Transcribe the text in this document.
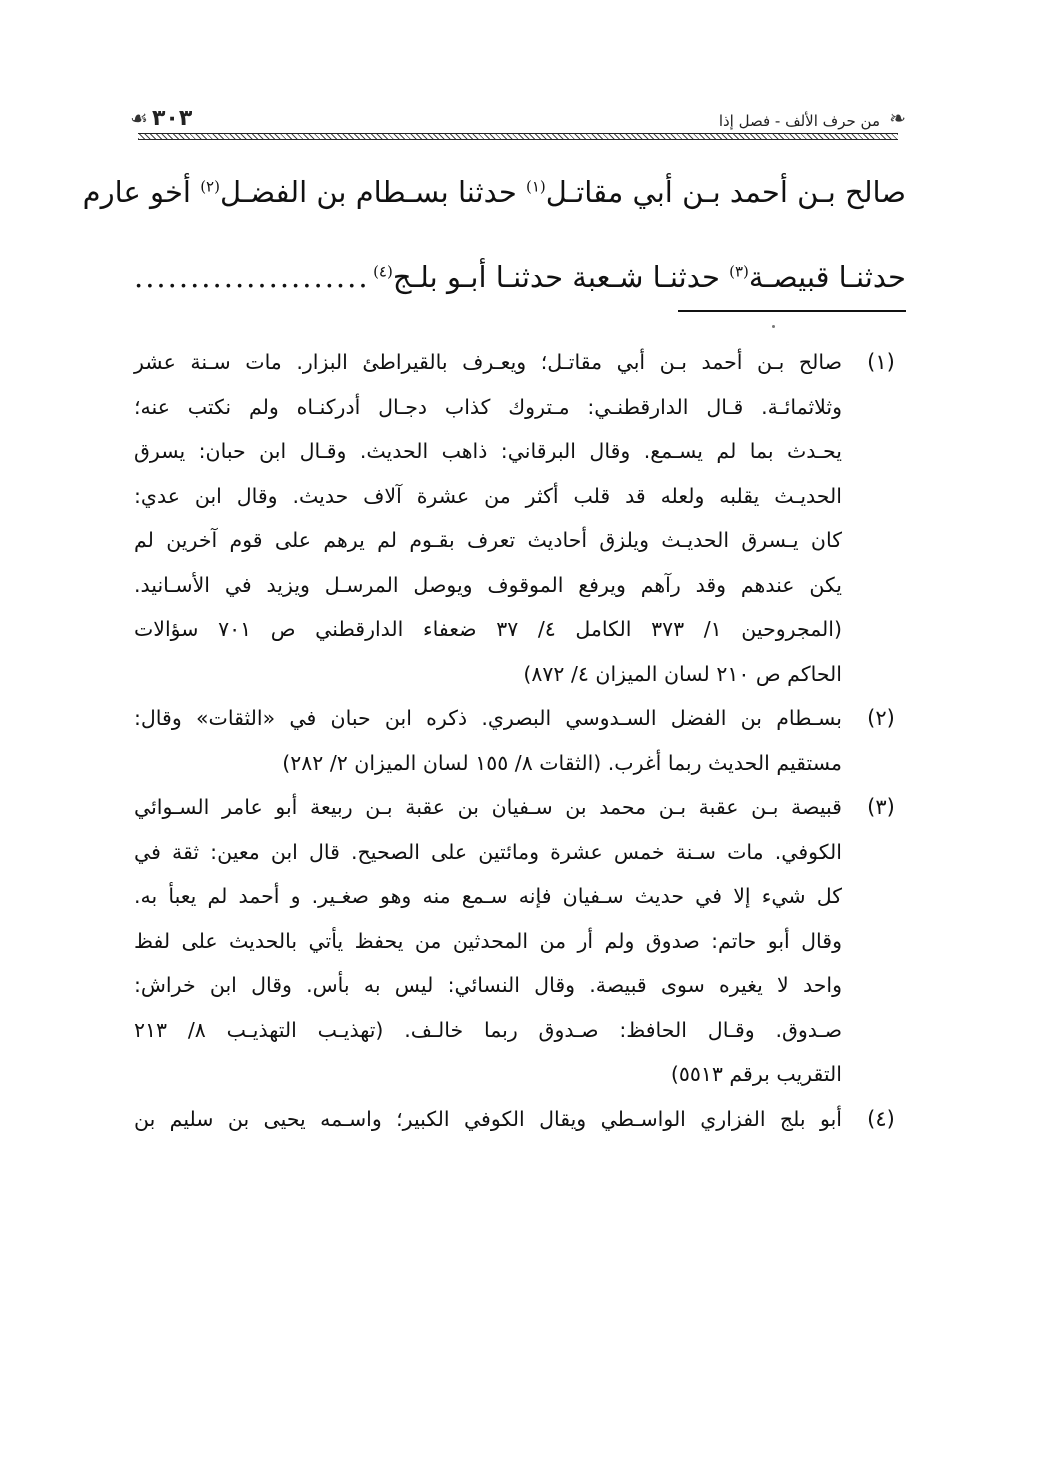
❧
من حرف الألف - فصل إذا
٣٠٣
☙
صالح بـن أحمد بـن أبي مقاتـل$^{(١)}$ حدثنا بسـطام بن الفضـل$^{(٢)}$ أخو عارم
حدثنـا قبيصـة$^{(٣)}$ حدثنـا شـعبة حدثنـا أبـو بلـج$^{(٤)}$
.....................
(١)
صالح بـن أحمد بـن أبي مقاتـل؛ ويعـرف بالقيراطئ البزار. مات سـنة عشر
وثلاثمائـة. قـال الدارقطنـي: مـتروك كذاب دجـال أدركنـاه ولم نكتب عنه؛
يحـدث بما لم يسـمع. وقال البرقاني: ذاهب الحديث. وقـال ابن حبان: يسرق
الحديـث يقلبه ولعله قد قلب أكثر من عشرة آلاف حديث. وقال ابن عدي:
كان يـسرق الحديـث ويلزق أحاديث تعرف بقـوم لم يرهم على قوم آخرين لم
يكن عندهم وقد رآهم ويرفع الموقوف ويوصل المرسـل ويزيد في الأسـانيد.
(المجروحين ١/ ٣٧٣ الكامل ٤/ ٣٧ ضعفاء الدارقطني ص ٧٠١ سؤالات
الحاكم ص ٢١٠ لسان الميزان ٤/ ٨٧٢)
(٢)
بسـطام بن الفضل السـدوسي البصري. ذكره ابن حبان في «الثقات» وقال:
مستقيم الحديث ربما أغرب. (الثقات ٨/ ١٥٥ لسان الميزان ٢/ ٢٨٢)
(٣)
قبيصة بـن عقبة بـن محمد بن سـفيان بن عقبة بـن ربيعة أبو عامر السـوائي
الكوفي. مات سـنة خمس عشرة ومائتين على الصحيح. قال ابن معين: ثقة في
كل شيء إلا في حديث سـفيان فإنه سـمع منه وهو صغـير. و أحمد لم يعبأ به.
وقال أبو حاتم: صدوق ولم أر من المحدثين من يحفظ يأتي بالحديث على لفظ
واحد لا يغيره سوى قبيصة. وقال النسائي: ليس به بأس. وقال ابن خراش:
صـدوق. وقـال الحافظ: صـدوق ربما خالـف. (تهذيـب التهذيـب ٨/ ٢١٣
التقريب برقم ٥٥١٣)
(٤)
أبو بلج الفزاري الواسـطي ويقال الكوفي الكبير؛ واسـمه يحيى بن سليم بن
